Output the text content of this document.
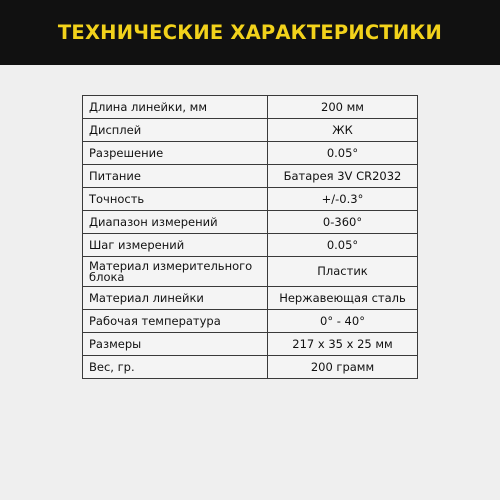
ТЕХНИЧЕСКИЕ ХАРАКТЕРИСТИКИ
Длина линейки, мм	200 мм
Дисплей	ЖК
Разрешение	0.05°
Питание	Батарея 3V CR2032
Точность	+/-0.3°
Диапазон измерений	0-360°
Шаг измерений	0.05°
Материал измерительного блока	Пластик
Материал линейки	Нержавеющая сталь
Рабочая температура	0° - 40°
Размеры	217 x 35 x 25 мм
Вес, гр.	200 грамм
